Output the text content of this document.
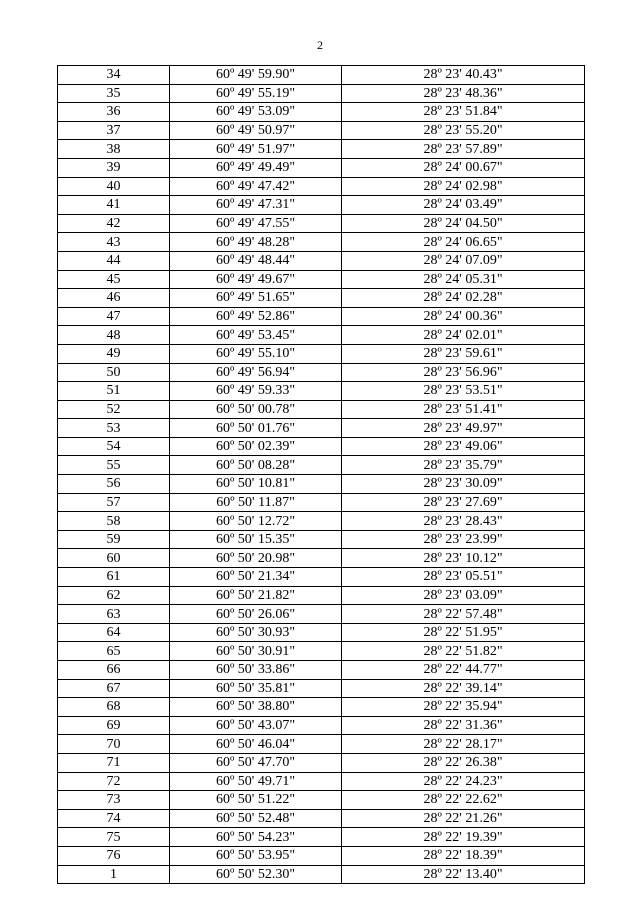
2
34	60º 49' 59.90"	28º 23' 40.43"
35	60º 49' 55.19"	28º 23' 48.36"
36	60º 49' 53.09"	28º 23' 51.84"
37	60º 49' 50.97"	28º 23' 55.20"
38	60º 49' 51.97"	28º 23' 57.89"
39	60º 49' 49.49"	28º 24' 00.67"
40	60º 49' 47.42"	28º 24' 02.98"
41	60º 49' 47.31"	28º 24' 03.49"
42	60º 49' 47.55"	28º 24' 04.50"
43	60º 49' 48.28"	28º 24' 06.65"
44	60º 49' 48.44"	28º 24' 07.09"
45	60º 49' 49.67"	28º 24' 05.31"
46	60º 49' 51.65"	28º 24' 02.28"
47	60º 49' 52.86"	28º 24' 00.36"
48	60º 49' 53.45"	28º 24' 02.01"
49	60º 49' 55.10"	28º 23' 59.61"
50	60º 49' 56.94"	28º 23' 56.96"
51	60º 49' 59.33"	28º 23' 53.51"
52	60º 50' 00.78"	28º 23' 51.41"
53	60º 50' 01.76"	28º 23' 49.97"
54	60º 50' 02.39"	28º 23' 49.06"
55	60º 50' 08.28"	28º 23' 35.79"
56	60º 50' 10.81"	28º 23' 30.09"
57	60º 50' 11.87"	28º 23' 27.69"
58	60º 50' 12.72"	28º 23' 28.43"
59	60º 50' 15.35"	28º 23' 23.99"
60	60º 50' 20.98"	28º 23' 10.12"
61	60º 50' 21.34"	28º 23' 05.51"
62	60º 50' 21.82"	28º 23' 03.09"
63	60º 50' 26.06"	28º 22' 57.48"
64	60º 50' 30.93"	28º 22' 51.95"
65	60º 50' 30.91"	28º 22' 51.82"
66	60º 50' 33.86"	28º 22' 44.77"
67	60º 50' 35.81"	28º 22' 39.14"
68	60º 50' 38.80"	28º 22' 35.94"
69	60º 50' 43.07"	28º 22' 31.36"
70	60º 50' 46.04"	28º 22' 28.17"
71	60º 50' 47.70"	28º 22' 26.38"
72	60º 50' 49.71"	28º 22' 24.23"
73	60º 50' 51.22"	28º 22' 22.62"
74	60º 50' 52.48"	28º 22' 21.26"
75	60º 50' 54.23"	28º 22' 19.39"
76	60º 50' 53.95"	28º 22' 18.39"
1	60º 50' 52.30"	28º 22' 13.40"
